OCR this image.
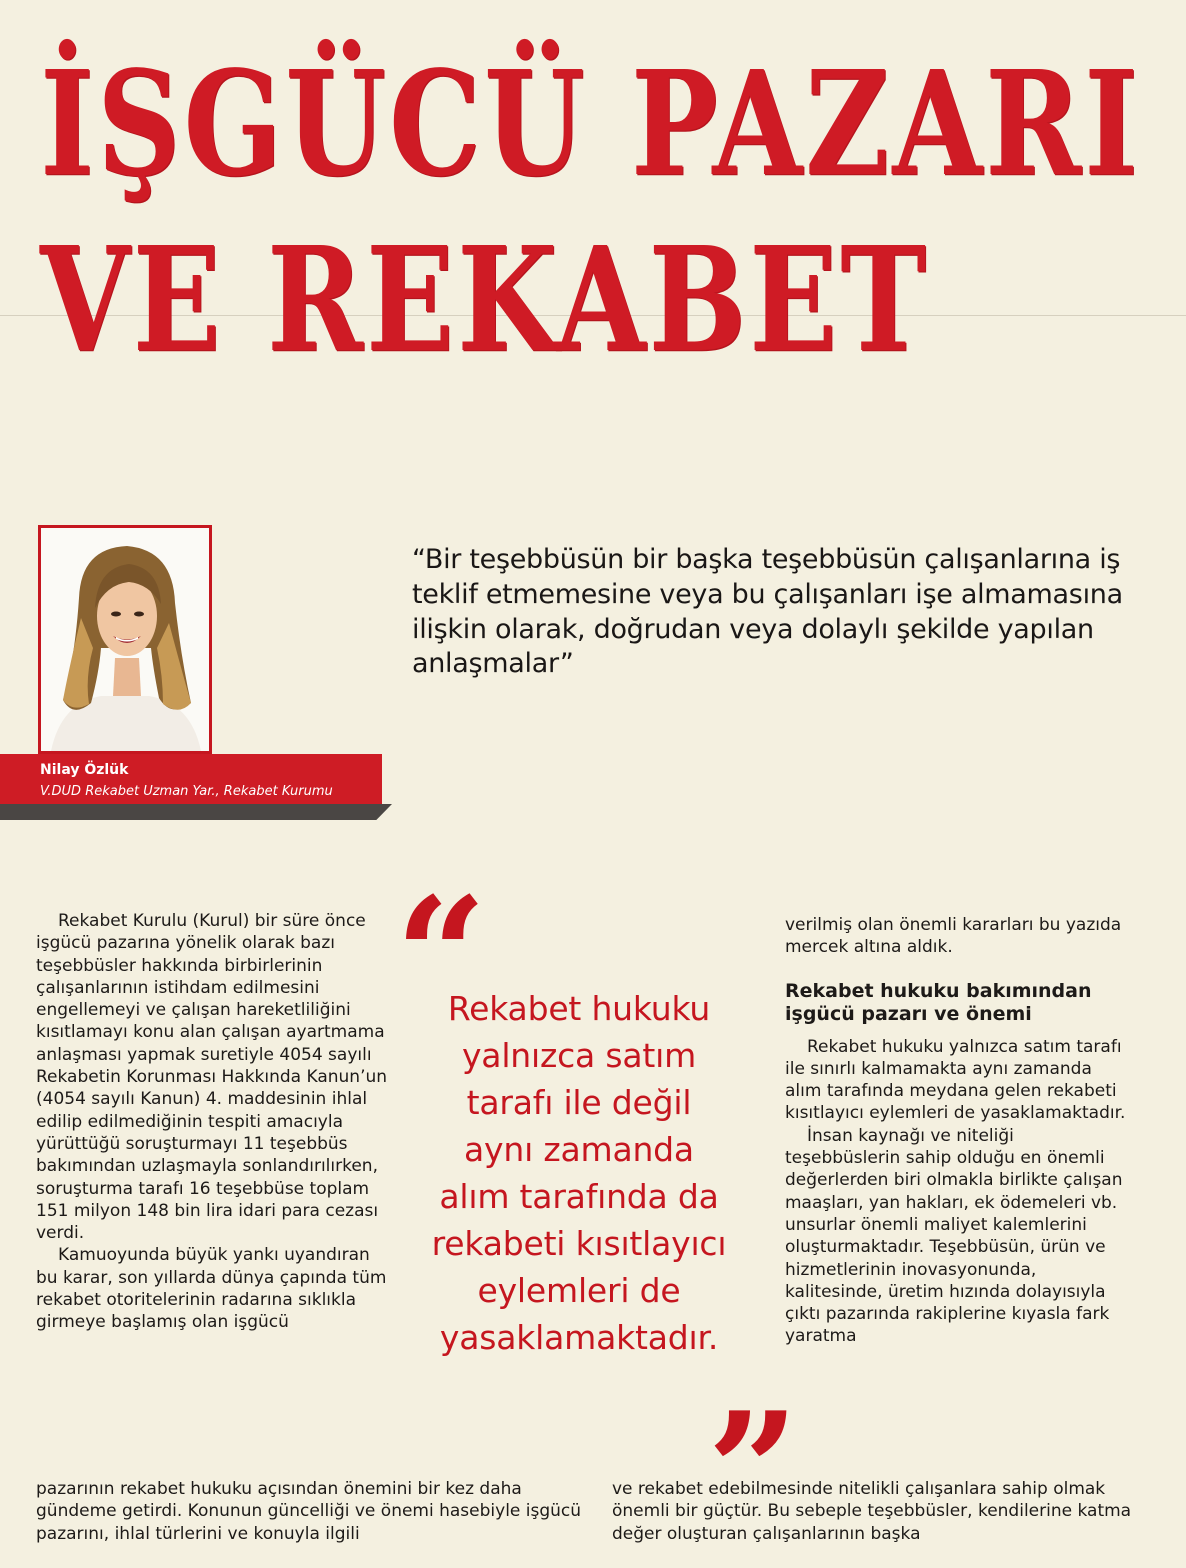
İŞGÜCÜ PAZARI
VE REKABET
Nilay Özlük
V.DUD Rekabet Uzman Yar., Rekabet Kurumu

“Bir teşebbüsün bir başka teşebbüsün çalışanlarına iş teklif etmemesine veya bu çalışanları işe almamasına ilişkin olarak, doğrudan veya dolaylı şekilde yapılan anlaşmalar”

Rekabet Kurulu (Kurul) bir süre önce işgücü pazarına yönelik olarak bazı teşebbüsler hakkında birbirlerinin çalışanlarının istihdam edilmesini engellemeyi ve çalışan hareketliliğini kısıtlamayı konu alan çalışan ayartmama anlaşması yapmak suretiyle 4054 sayılı Rekabetin Korunması Hakkında Kanun’un (4054 sayılı Kanun) 4. maddesinin ihlal edilip edilmediğinin tespiti amacıyla yürüttüğü soruşturmayı 11 teşebbüs bakımından uzlaşmayla sonlandırılırken, soruşturma tarafı 16 teşebbüse toplam 151 milyon 148 bin lira idari para cezası verdi.

Kamuoyunda büyük yankı uyandıran bu karar, son yıllarda dünya çapında tüm rekabet otoritelerinin radarına sıklıkla girmeye başlamış olan işgücü

“
Rekabet hukuku
yalnızca satım
tarafı ile değil
aynı zamanda
alım tarafında da
rekabeti kısıtlayıcı
eylemleri de
yasaklamaktadır.
”

verilmiş olan önemli kararları bu yazıda mercek altına aldık.

Rekabet hukuku bakımından işgücü pazarı ve önemi

Rekabet hukuku yalnızca satım tarafı ile sınırlı kalmamakta aynı zamanda alım tarafında meydana gelen rekabeti kısıtlayıcı eylemleri de yasaklamaktadır.

İnsan kaynağı ve niteliği teşebbüslerin sahip olduğu en önemli değerlerden biri olmakla birlikte çalışan maaşları, yan hakları, ek ödemeleri vb. unsurlar önemli maliyet kalemlerini oluşturmaktadır. Teşebbüsün, ürün ve hizmetlerinin inovasyonunda, kalitesinde, üretim hızında dolayısıyla çıktı pazarında rakiplerine kıyasla fark yaratma

pazarının rekabet hukuku açısından önemini bir kez daha gündeme getirdi. Konunun güncelliği ve önemi hasebiyle işgücü pazarını, ihlal türlerini ve konuyla ilgili

ve rekabet edebilmesinde nitelikli çalışanlara sahip olmak önemli bir güçtür. Bu sebeple teşebbüsler, kendilerine katma değer oluşturan çalışanlarının başka
